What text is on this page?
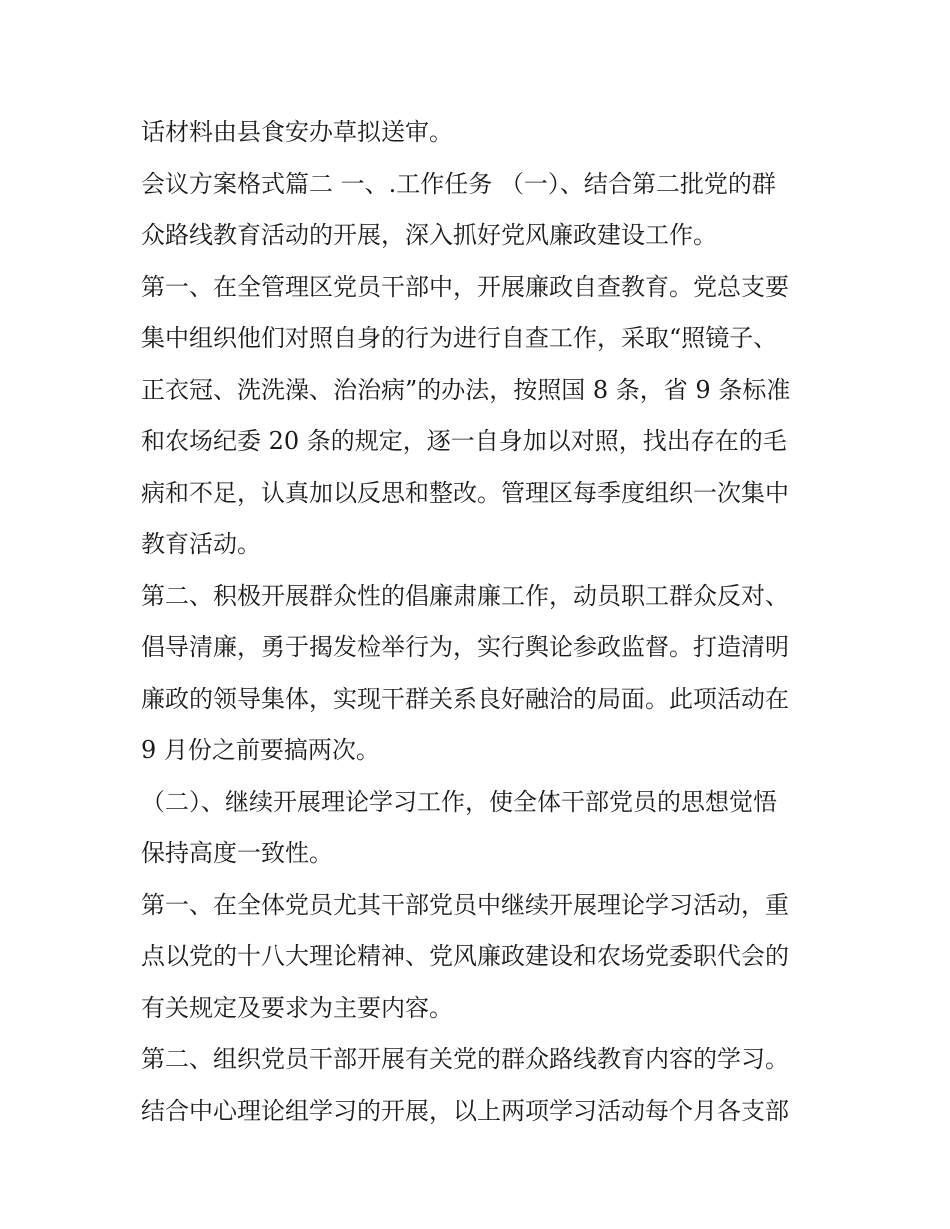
话材料由县食安办草拟送审。
会议方案格式篇二 一、.工作任务 （一）、结合第二批党的群
众路线教育活动的开展，深入抓好党风廉政建设工作。
第一、在全管理区党员干部中，开展廉政自查教育。党总支要
集中组织他们对照自身的行为进行自查工作，采取“照镜子、
正衣冠、洗洗澡、治治病”的办法，按照国 8 条，省 9 条标准
和农场纪委 20 条的规定，逐一自身加以对照，找出存在的毛
病和不足，认真加以反思和整改。管理区每季度组织一次集中
教育活动。
第二、积极开展群众性的倡廉肃廉工作，动员职工群众反对、
倡导清廉，勇于揭发检举行为，实行舆论参政监督。打造清明
廉政的领导集体，实现干群关系良好融洽的局面。此项活动在
9 月份之前要搞两次。
（二）、继续开展理论学习工作，使全体干部党员的思想觉悟
保持高度一致性。
第一、在全体党员尤其干部党员中继续开展理论学习活动，重
点以党的十八大理论精神、党风廉政建设和农场党委职代会的
有关规定及要求为主要内容。
第二、组织党员干部开展有关党的群众路线教育内容的学习。
结合中心理论组学习的开展，以上两项学习活动每个月各支部
